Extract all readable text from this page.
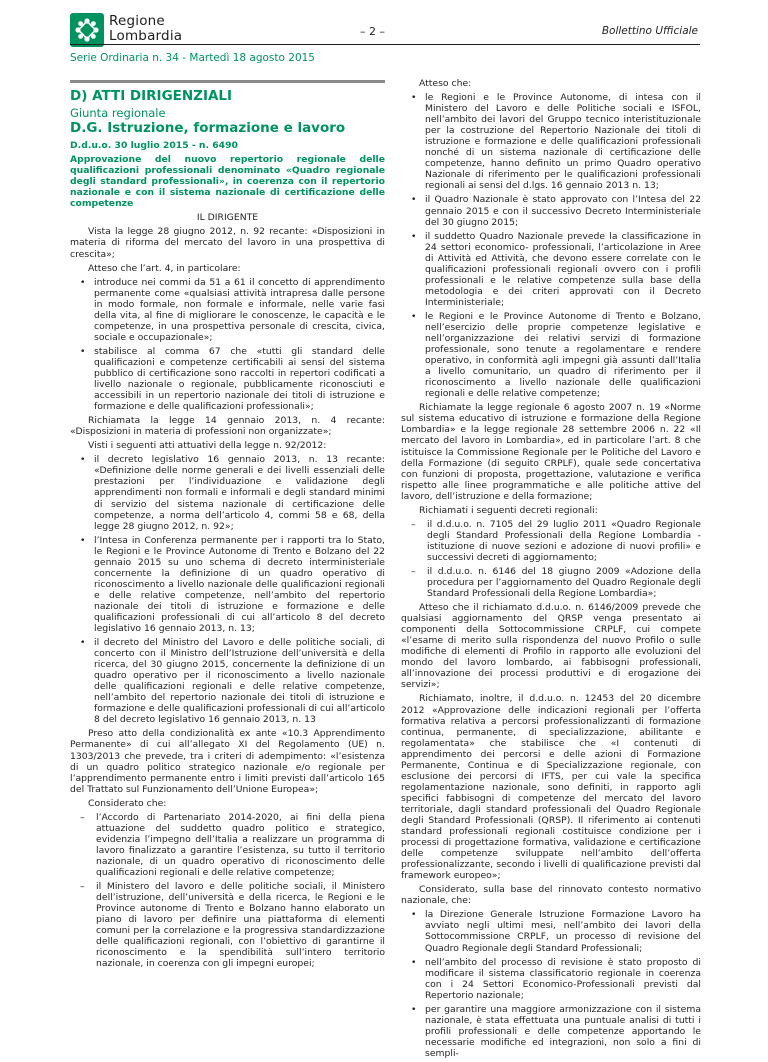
Regione
Lombardia	– 2 –	Bollettino Ufficiale
Serie Ordinaria n. 34 - Martedì 18 agosto 2015
D) ATTI DIRIGENZIALI
Giunta regionale
D.G. Istruzione, formazione e lavoro

D.d.u.o. 30 luglio 2015 - n. 6490

Approvazione del nuovo repertorio regionale delle qualificazioni professionali denominato «Quadro regionale degli standard professionali», in coerenza con il repertorio nazionale e con il sistema nazionale di certificazione delle competenze

IL DIRIGENTE

Vista la legge 28 giugno 2012, n. 92 recante: «Disposizioni in materia di riforma del mercato del lavoro in una prospettiva di crescita»;

Atteso che l’art. 4, in particolare:

• introduce nei commi da 51 a 61 il concetto di apprendimento permanente come «qualsiasi attività intrapresa dalle persone in modo formale, non formale e informale, nelle varie fasi della vita, al fine di migliorare le conoscenze, le capacità e le competenze, in una prospettiva personale di crescita, civica, sociale e occupazionale»;
• stabilisce al comma 67 che «tutti gli standard delle qualificazioni e competenze certificabili ai sensi del sistema pubblico di certificazione sono raccolti in repertori codificati a livello nazionale o regionale, pubblicamente riconosciuti e accessibili in un repertorio nazionale dei titoli di istruzione e formazione e delle qualificazioni professionali»;

Richiamata la legge 14 gennaio 2013, n. 4 recante: «Disposizioni in materia di professioni non organizzate»;

Visti i seguenti atti attuativi della legge n. 92/2012:

• il decreto legislativo 16 gennaio 2013, n. 13 recante: «Definizione delle norme generali e dei livelli essenziali delle prestazioni per l’individuazione e validazione degli apprendimenti non formali e informali e degli standard minimi di servizio del sistema nazionale di certificazione delle competenze, a norma dell’articolo 4, commi 58 e 68, della legge 28 giugno 2012, n. 92»;
• l’Intesa in Conferenza permanente per i rapporti tra lo Stato, le Regioni e le Province Autonome di Trento e Bolzano del 22 gennaio 2015 su uno schema di decreto interministeriale concernente la definizione di un quadro operativo di riconoscimento a livello nazionale delle qualificazioni regionali e delle relative competenze, nell’ambito del repertorio nazionale dei titoli di istruzione e formazione e delle qualificazioni professionali di cui all’articolo 8 del decreto legislativo 16 gennaio 2013, n. 13;
• il decreto del Ministro del Lavoro e delle politiche sociali, di concerto con il Ministro dell’Istruzione dell’università e della ricerca, del 30 giugno 2015, concernente la definizione di un quadro operativo per il riconoscimento a livello nazionale delle qualificazioni regionali e delle relative competenze, nell’ambito del repertorio nazionale dei titoli di istruzione e formazione e delle qualificazioni professionali di cui all’articolo 8 del decreto legislativo 16 gennaio 2013, n. 13

Preso atto della condizionalità ex ante «10.3 Apprendimento Permanente» di cui all’allegato XI del Regolamento (UE) n. 1303/2013 che prevede, tra i criteri di adempimento: «l’esistenza di un quadro politico strategico nazionale e/o regionale per l’apprendimento permanente entro i limiti previsti dall’articolo 165 del Trattato sul Funzionamento dell’Unione Europea»;

Considerato che:

– l’Accordo di Partenariato 2014-2020, ai fini della piena attuazione del suddetto quadro politico e strategico, evidenzia l’impegno dell’Italia a realizzare un programma di lavoro finalizzato a garantire l’esistenza, su tutto il territorio nazionale, di un quadro operativo di riconoscimento delle qualificazioni regionali e delle relative competenze;
– il Ministero del lavoro e delle politiche sociali, il Ministero dell’istruzione, dell’università e della ricerca, le Regioni e le Province autonome di Trento e Bolzano hanno elaborato un piano di lavoro per definire una piattaforma di elementi comuni per la correlazione e la progressiva standardizzazione delle qualificazioni regionali, con l’obiettivo di garantirne il riconoscimento e la spendibilità sull’intero territorio nazionale, in coerenza con gli impegni europei;

Atteso che:

• le Regioni e le Province Autonome, di intesa con il Ministero del Lavoro e delle Politiche sociali e ISFOL, nell’ambito dei lavori del Gruppo tecnico interistituzionale per la costruzione del Repertorio Nazionale dei titoli di istruzione e formazione e delle qualificazioni professionali nonché di un sistema nazionale di certificazione delle competenze, hanno definito un primo Quadro operativo Nazionale di riferimento per le qualificazioni professionali regionali ai sensi del d.lgs. 16 gennaio 2013 n. 13;
• il Quadro Nazionale è stato approvato con l’Intesa del 22 gennaio 2015 e con il successivo Decreto Interministeriale del 30 giugno 2015;
• il suddetto Quadro Nazionale prevede la classificazione in 24 settori economico- professionali, l’articolazione in Aree di Attività ed Attività, che devono essere correlate con le qualificazioni professionali regionali ovvero con i profili professionali e le relative competenze sulla base della metodologia e dei criteri approvati con il Decreto Interministeriale;
• le Regioni e le Province Autonome di Trento e Bolzano, nell’esercizio delle proprie competenze legislative e nell’organizzazione dei relativi servizi di formazione professionale, sono tenute a regolamentare e rendere operativo, in conformità agli impegni già assunti dall’Italia a livello comunitario, un quadro di riferimento per il riconoscimento a livello nazionale delle qualificazioni regionali e delle relative competenze;

Richiamate la legge regionale 6 agosto 2007 n. 19 «Norme sul sistema educativo di istruzione e formazione della Regione Lombardia» e la legge regionale 28 settembre 2006 n. 22 «Il mercato del lavoro in Lombardia», ed in particolare l’art. 8 che istituisce la Commissione Regionale per le Politiche del Lavoro e della Formazione (di seguito CRPLF), quale sede concertativa con funzioni di proposta, progettazione, valutazione e verifica rispetto alle linee programmatiche e alle politiche attive del lavoro, dell’istruzione e della formazione;

Richiamati i seguenti decreti regionali:

– il d.d.u.o. n. 7105 del 29 luglio 2011 «Quadro Regionale degli Standard Professionali della Regione Lombardia - istituzione di nuove sezioni e adozione di nuovi profili» e successivi decreti di aggiornamento;
– il d.d.u.o. n. 6146 del 18 giugno 2009 «Adozione della procedura per l’aggiornamento del Quadro Regionale degli Standard Professionali della Regione Lombardia»;

Atteso che il richiamato d.d.u.o. n. 6146/2009 prevede che qualsiasi aggiornamento del QRSP venga presentato ai componenti della Sottocommissione CRPLF, cui compete «l’esame di merito sulla rispondenza del nuovo Profilo o sulle modifiche di elementi di Profilo in rapporto alle evoluzioni del mondo del lavoro lombardo, ai fabbisogni professionali, all’innovazione dei processi produttivi e di erogazione dei servizi»;

Richiamato, inoltre, il d.d.u.o. n. 12453 del 20 dicembre 2012 «Approvazione delle indicazioni regionali per l’offerta formativa relativa a percorsi professionalizzanti di formazione continua, permanente, di specializzazione, abilitante e regolamentata» che stabilisce che «I contenuti di apprendimento dei percorsi e delle azioni di Formazione Permanente, Continua e di Specializzazione regionale, con esclusione dei percorsi di IFTS, per cui vale la specifica regolamentazione nazionale, sono definiti, in rapporto agli specifici fabbisogni di competenze del mercato del lavoro territoriale, dagli standard professionali del Quadro Regionale degli Standard Professionali (QRSP). Il riferimento ai contenuti standard professionali regionali costituisce condizione per i processi di progettazione formativa, validazione e certificazione delle competenze sviluppate nell’ambito dell’offerta professionalizzante, secondo i livelli di qualificazione previsti dal framework europeo»;

Considerato, sulla base del rinnovato contesto normativo nazionale, che:

• la Direzione Generale Istruzione Formazione Lavoro ha avviato negli ultimi mesi, nell’ambito dei lavori della Sottocommissione CRPLF, un processo di revisione del Quadro Regionale degli Standard Professionali;
• nell’ambito del processo di revisione è stato proposto di modificare il sistema classificatorio regionale in coerenza con i 24 Settori Economico-Professionali previsti dal Repertorio nazionale;
• per garantire una maggiore armonizzazione con il sistema nazionale, è stata effettuata una puntuale analisi di tutti i profili professionali e delle competenze apportando le necessarie modifiche ed integrazioni, non solo a fini di sempli-
